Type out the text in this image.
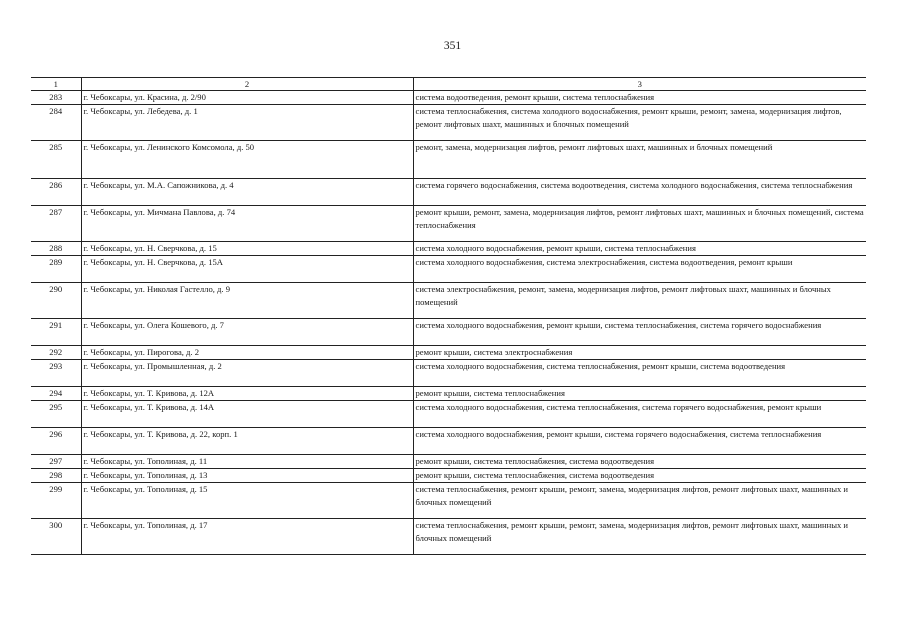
351
1	2	3
283	г. Чебоксары, ул. Красина, д. 2/90	система водоотведения, ремонт крыши, система теплоснабжения
284	г. Чебоксары, ул. Лебедева, д. 1	система теплоснабжения, система холодного водоснабжения, ремонт крыши, ремонт, замена, модернизация лифтов, ремонт лифтовых шахт, машинных и блочных помещений
285	г. Чебоксары, ул. Ленинского Комсомола, д. 50	ремонт, замена, модернизация лифтов, ремонт лифтовых шахт, машинных и блочных помещений
286	г. Чебоксары, ул. М.А. Сапожникова, д. 4	система горячего водоснабжения, система водоотведения, система холодного водоснабжения, система теплоснабжения
287	г. Чебоксары, ул. Мичмана Павлова, д. 74	ремонт крыши, ремонт, замена, модернизация лифтов, ремонт лифтовых шахт, машинных и блочных помещений, система теплоснабжения
288	г. Чебоксары, ул. Н. Сверчкова, д. 15	система холодного водоснабжения, ремонт крыши, система теплоснабжения
289	г. Чебоксары, ул. Н. Сверчкова, д. 15А	система холодного водоснабжения, система электроснабжения, система водоотведения, ремонт крыши
290	г. Чебоксары, ул. Николая Гастелло, д. 9	система электроснабжения, ремонт, замена, модернизация лифтов, ремонт лифтовых шахт, машинных и блочных помещений
291	г. Чебоксары, ул. Олега Кошевого, д. 7	система холодного водоснабжения, ремонт крыши, система теплоснабжения, система горячего водоснабжения
292	г. Чебоксары, ул. Пирогова, д. 2	ремонт крыши, система электроснабжения
293	г. Чебоксары, ул. Промышленная, д. 2	система холодного водоснабжения, система теплоснабжения, ремонт крыши, система водоотведения
294	г. Чебоксары, ул. Т. Кривова, д. 12А	ремонт крыши, система теплоснабжения
295	г. Чебоксары, ул. Т. Кривова, д. 14А	система холодного водоснабжения, система теплоснабжения, система горячего водоснабжения, ремонт крыши
296	г. Чебоксары, ул. Т. Кривова, д. 22, корп. 1	система холодного водоснабжения, ремонт крыши, система горячего водоснабжения, система теплоснабжения
297	г. Чебоксары, ул. Тополиная, д. 11	ремонт крыши, система теплоснабжения, система водоотведения
298	г. Чебоксары, ул. Тополиная, д. 13	ремонт крыши, система теплоснабжения, система водоотведения
299	г. Чебоксары, ул. Тополиная, д. 15	система теплоснабжения, ремонт крыши, ремонт, замена, модернизация лифтов, ремонт лифтовых шахт, машинных и блочных помещений
300	г. Чебоксары, ул. Тополиная, д. 17	система теплоснабжения, ремонт крыши, ремонт, замена, модернизация лифтов, ремонт лифтовых шахт, машинных и блочных помещений
